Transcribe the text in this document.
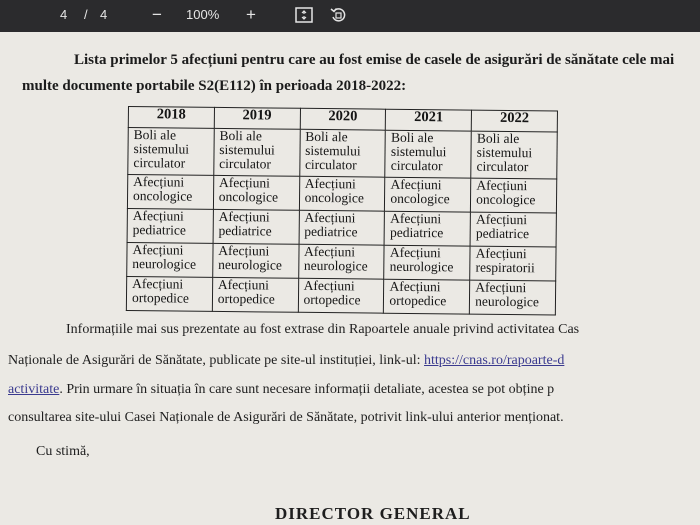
4 / 4	−	100%	+
Lista primelor 5 afecțiuni pentru care au fost emise de casele de asigurări de sănătate cele mai
multe documente portabile S2(E112) în perioada 2018-2022:
2018	2019	2020	2021	2022
Boli ale sistemului circulator	Boli ale sistemului circulator	Boli ale sistemului circulator	Boli ale sistemului circulator	Boli ale sistemului circulator
Afecțiuni oncologice	Afecțiuni oncologice	Afecțiuni oncologice	Afecțiuni oncologice	Afecțiuni oncologice
Afecțiuni pediatrice	Afecțiuni pediatrice	Afecțiuni pediatrice	Afecțiuni pediatrice	Afecțiuni pediatrice
Afecțiuni neurologice	Afecțiuni neurologice	Afecțiuni neurologice	Afecțiuni neurologice	Afecțiuni respiratorii
Afecțiuni ortopedice	Afecțiuni ortopedice	Afecțiuni ortopedice	Afecțiuni ortopedice	Afecțiuni neurologice
Informațiile mai sus prezentate au fost extrase din Rapoartele anuale privind activitatea Cas
Naționale de Asigurări de Sănătate, publicate pe site-ul instituției, link-ul: https://cnas.ro/rapoarte-d
activitate. Prin urmare în situația în care sunt necesare informații detaliate, acestea se pot obține p
consultarea site-ului Casei Naționale de Asigurări de Sănătate, potrivit link-ului anterior menționat.
Cu stimă,
DIRECTOR GENERAL
